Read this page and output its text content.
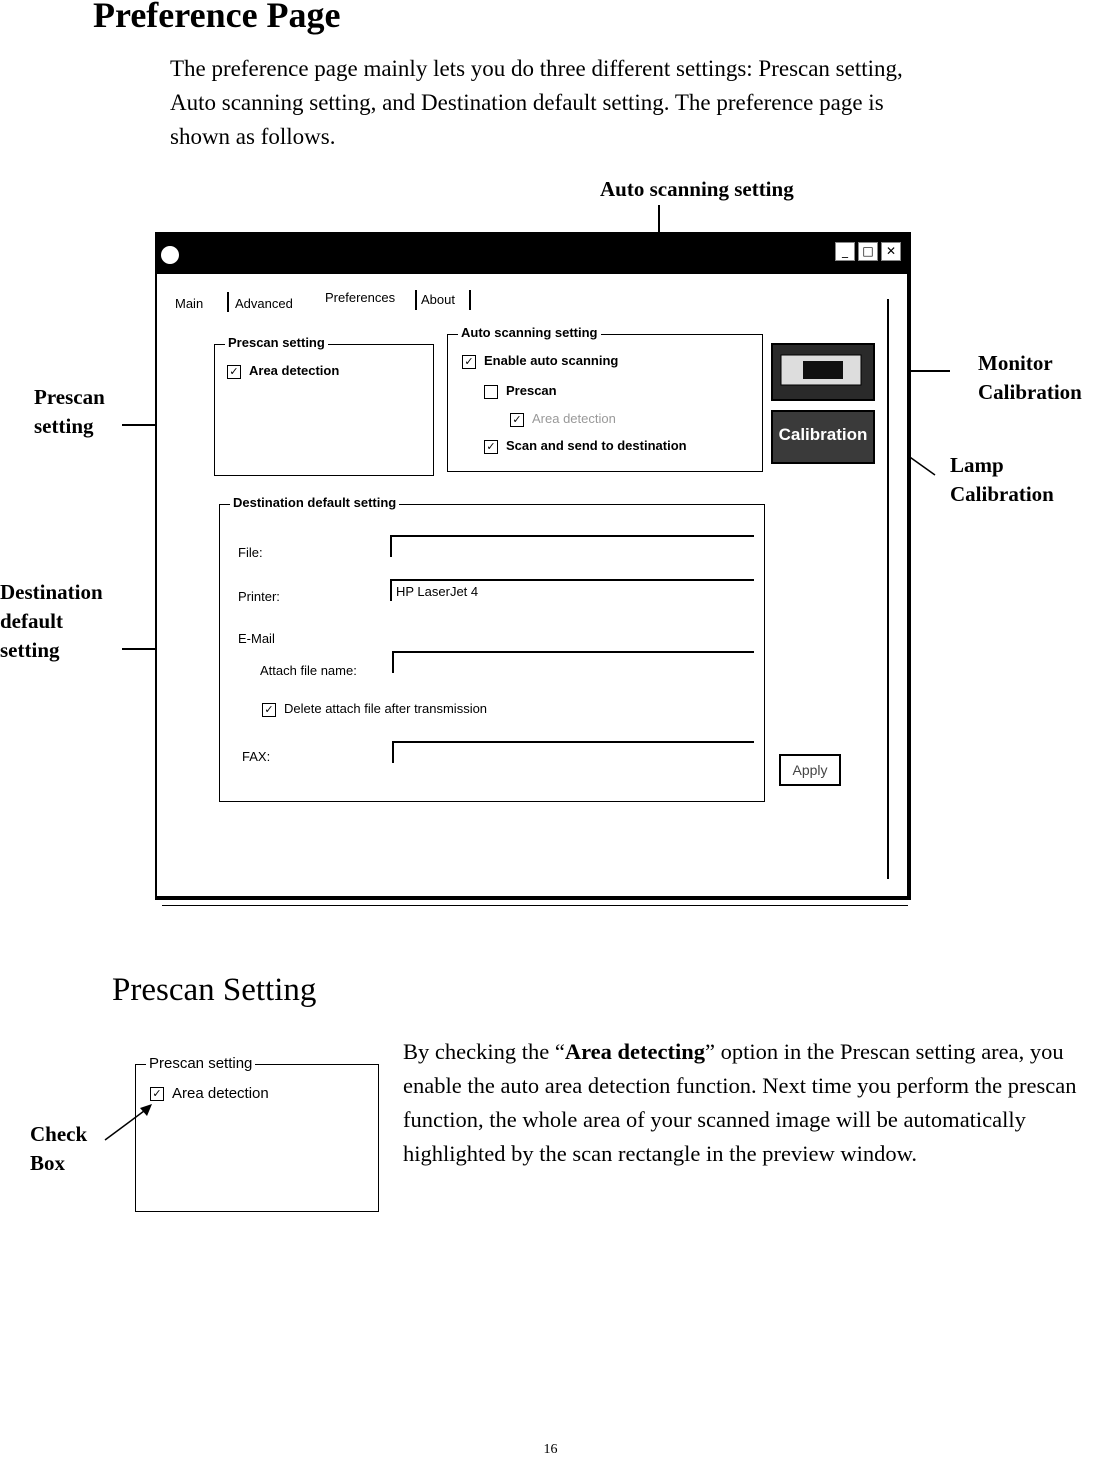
Preference Page
The preference page mainly lets you do three different settings: Prescan setting, Auto scanning setting, and Destination default setting. The preference page is shown as follows.
Auto scanning setting
Prescan
setting
Destination
default
setting
Monitor
Calibration
Lamp
Calibration
_	□	✕
Main Advanced Preferences About
Prescan setting
✓ Area detection
Auto scanning setting
✓ Enable auto scanning
Prescan
✓ Area detection
✓ Scan and send to destination
Calibration
Destination default setting
File:
Printer:	HP LaserJet 4
E-Mail
Attach file name:
✓ Delete attach file after transmission
FAX:
Apply
Prescan Setting
Prescan setting
✓ Area detection
Check
Box
By checking the “Area detecting” option in the Prescan setting area, you enable the auto area detection function. Next time you perform the prescan function, the whole area of your scanned image will be automatically highlighted by the scan rectangle in the preview window.
16
